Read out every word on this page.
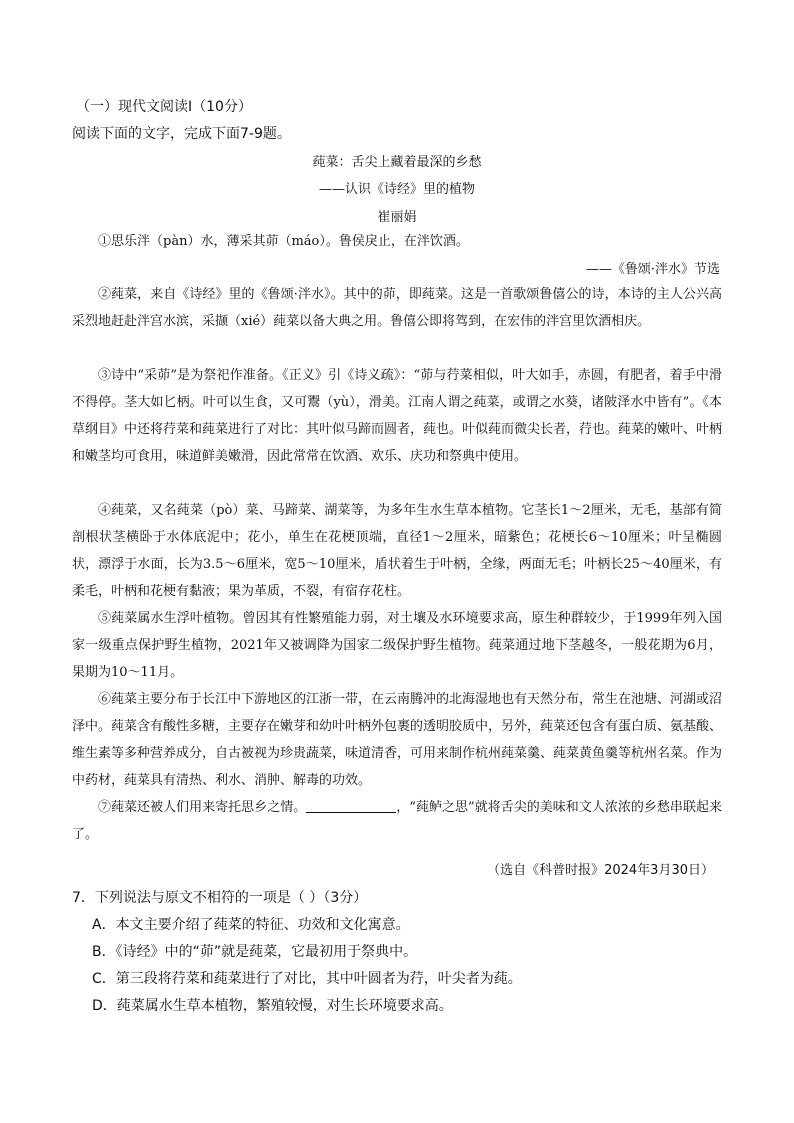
（一）现代文阅读Ⅰ（10分）
阅读下面的文字，完成下面7-9题。
莼菜：舌尖上藏着最深的乡愁
——认识《诗经》里的植物
崔丽娟
①思乐泮（pàn）水，薄采其茆（máo）。鲁侯戾止，在泮饮酒。
——《鲁颂·泮水》节选
②莼菜，来自《诗经》里的《鲁颂·泮水》。其中的茆，即莼菜。这是一首歌颂鲁僖公的诗，本诗的主人公兴高采烈地赶赴泮宫水滨，采撷（xié）莼菜以备大典之用。鲁僖公即将驾到，在宏伟的泮宫里饮酒相庆。
③诗中“采茆”是为祭祀作准备。《正义》引《诗义疏》：“茆与荇菜相似，叶大如手，赤圆，有肥者，着手中滑不得停。茎大如匕柄。叶可以生食，又可鬻（yù），滑美。江南人谓之莼菜，或谓之水葵，诸陂泽水中皆有”。《本草纲目》中还将荇菜和莼菜进行了对比：其叶似马蹄而圆者，莼也。叶似莼而微尖长者，荇也。莼菜的嫩叶、叶柄和嫩茎均可食用，味道鲜美嫩滑，因此常常在饮酒、欢乐、庆功和祭典中使用。
④莼菜，又名莼菜（pò）菜、马蹄菜、湖菜等，为多年生水生草本植物。它茎长1～2厘米，无毛，基部有简剖根状茎横卧于水体底泥中；花小，单生在花梗顶端，直径1～2厘米，暗紫色；花梗长6～10厘米；叶呈椭圆状，漂浮于水面，长为3.5～6厘米，宽5～10厘米，盾状着生于叶柄，全缘，两面无毛；叶柄长25～40厘米，有柔毛，叶柄和花梗有黏液；果为革质，不裂，有宿存花柱。
⑤莼菜属水生浮叶植物。曾因其有性繁殖能力弱，对土壤及水环境要求高，原生种群较少，于1999年列入国家一级重点保护野生植物，2021年又被调降为国家二级保护野生植物。莼菜通过地下茎越冬，一般花期为6月，果期为10～11月。
⑥莼菜主要分布于长江中下游地区的江浙一带，在云南腾冲的北海湿地也有天然分布，常生在池塘、河湖或沼泽中。莼菜含有酸性多糖，主要存在嫩芽和幼叶叶柄外包裹的透明胶质中，另外，莼菜还包含有蛋白质、氨基酸、维生素等多种营养成分，自古被视为珍贵蔬菜，味道清香，可用来制作杭州莼菜羹、莼菜黄鱼羹等杭州名菜。作为中药材，莼菜具有清热、利水、消肿、解毒的功效。
⑦莼菜还被人们用来寄托思乡之情。	，“莼鲈之思”就将舌尖的美味和文人浓浓的乡愁串联起来了。
（选自《科普时报》2024年3月30日）
7．下列说法与原文不相符的一项是（ ）（3分）
A．本文主要介绍了莼菜的特征、功效和文化寓意。
B．《诗经》中的“茆”就是莼菜，它最初用于祭典中。
C．第三段将荇菜和莼菜进行了对比，其中叶圆者为荇，叶尖者为莼。
D．莼菜属水生草本植物，繁殖较慢，对生长环境要求高。
